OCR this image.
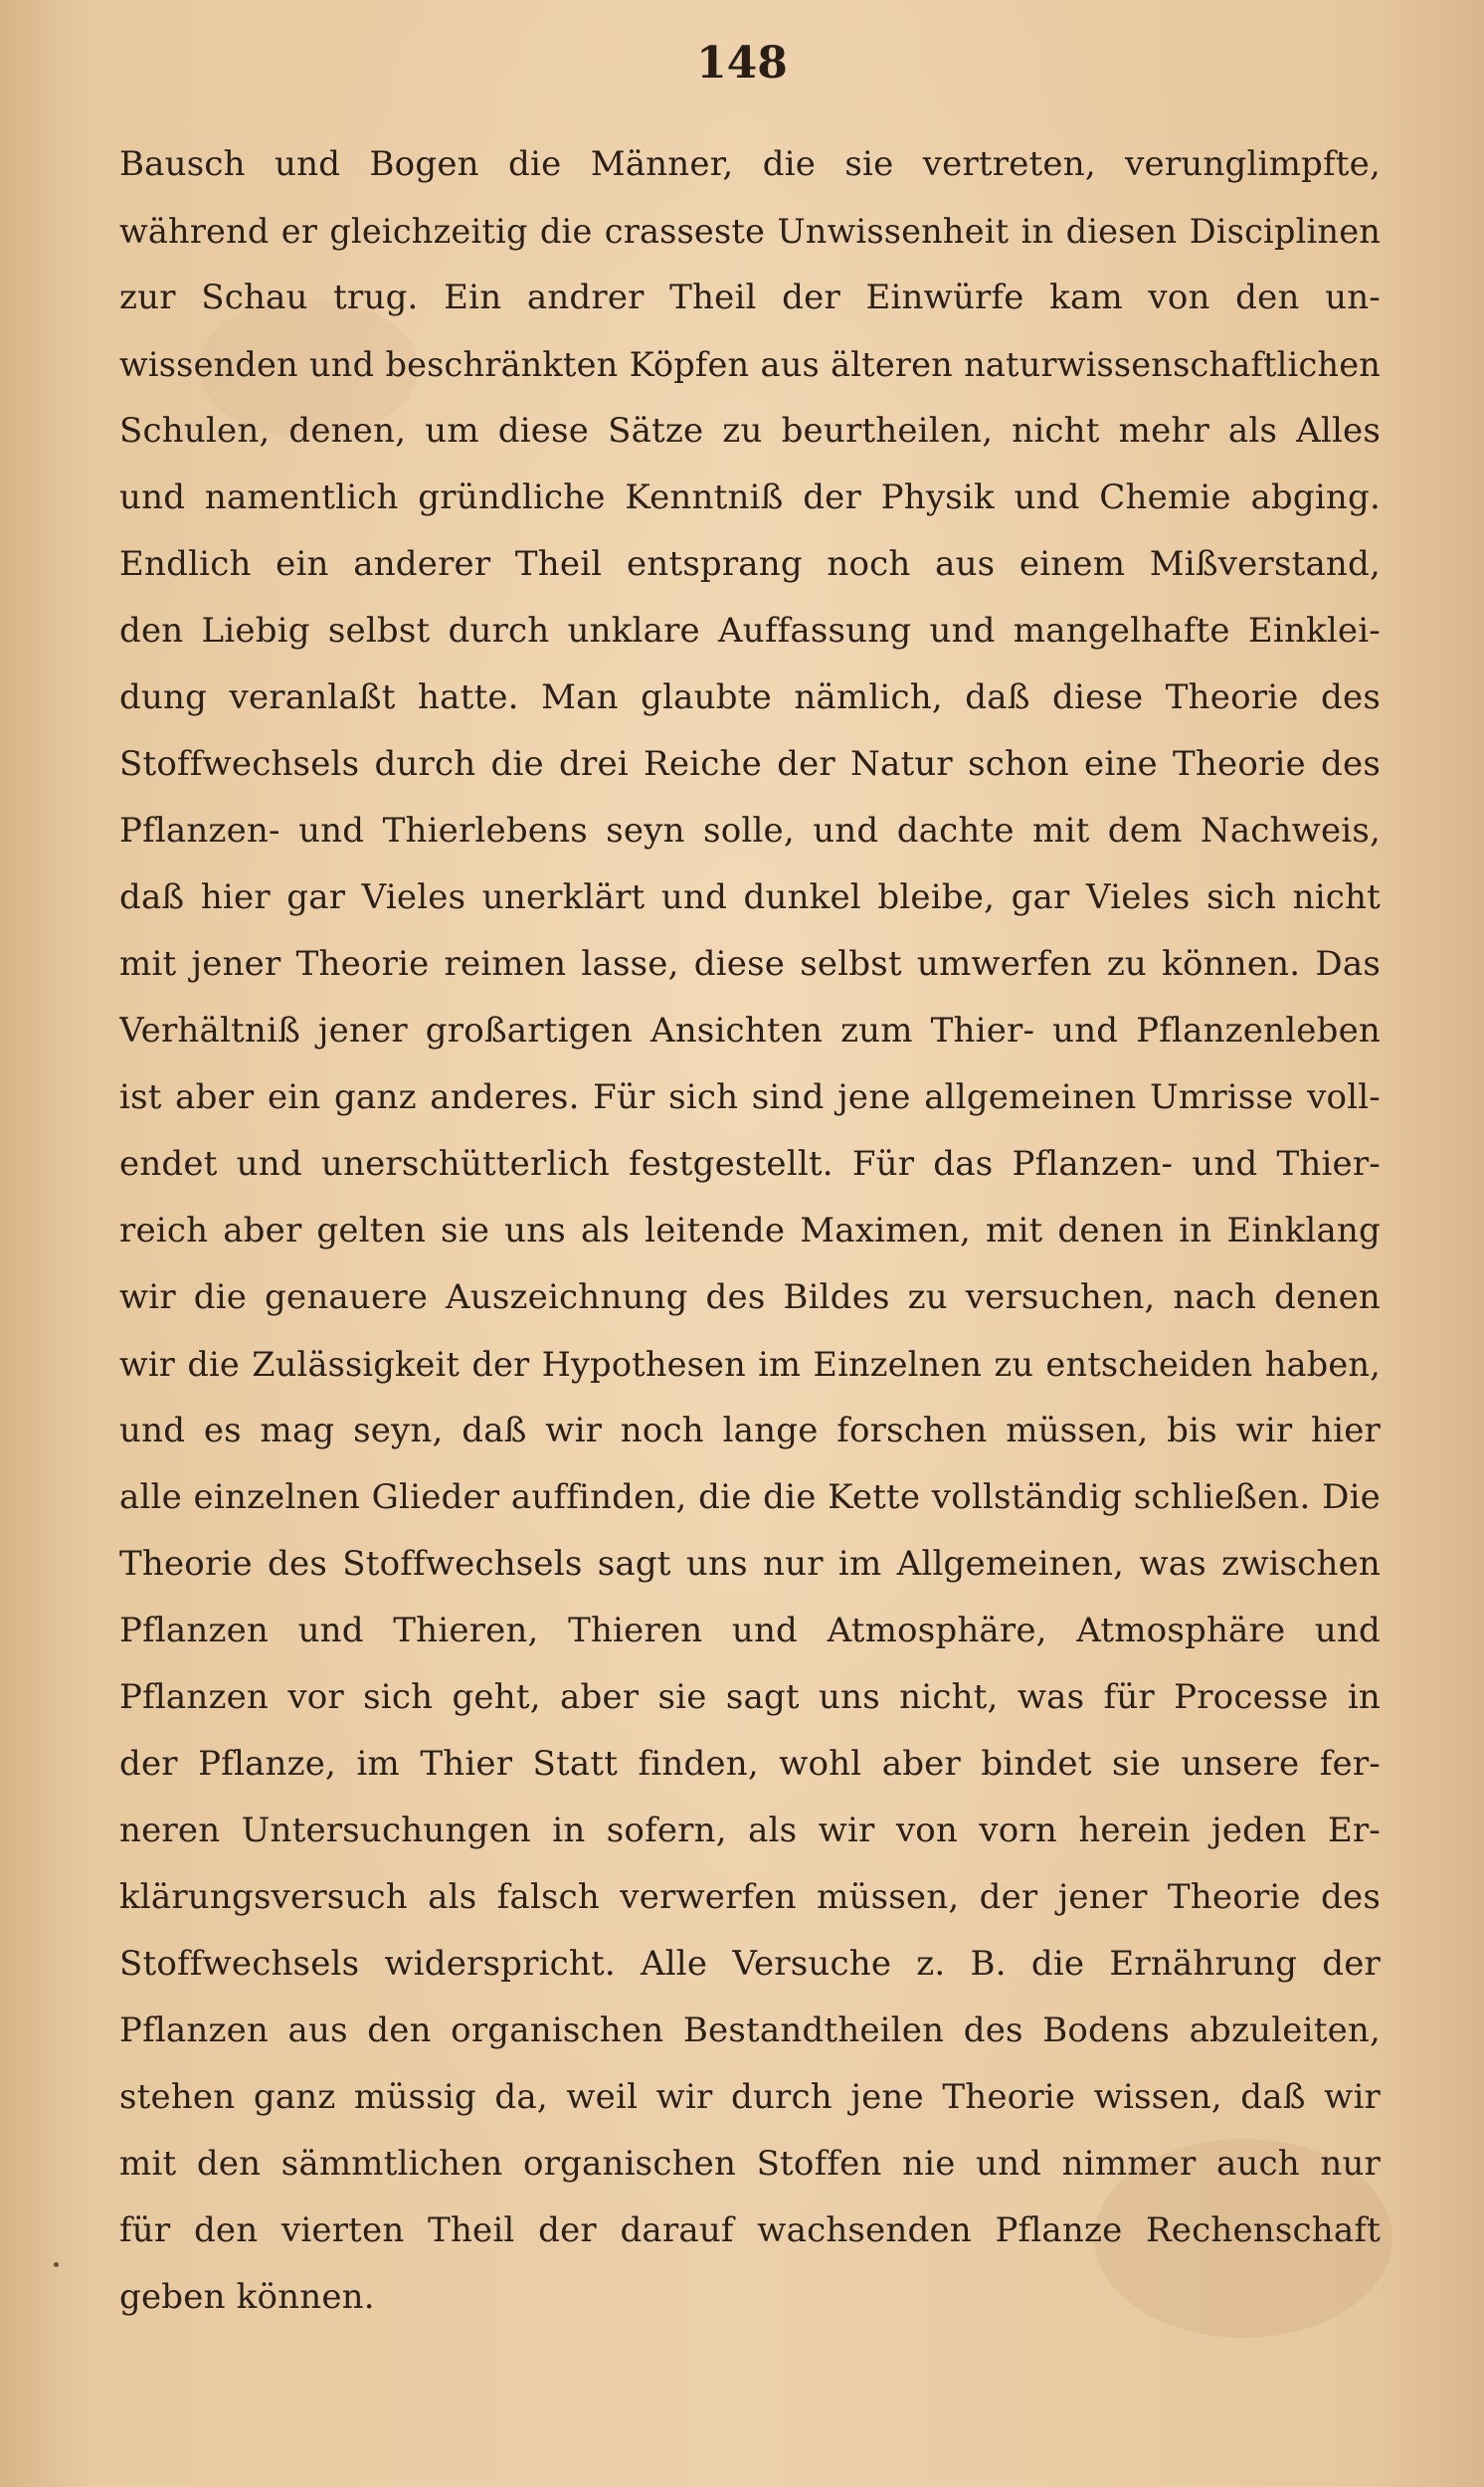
148
Bausch und Bogen die Männer, die sie vertreten, verunglimpfte,
während er gleichzeitig die crasseste Unwissenheit in diesen Disciplinen
zur Schau trug. Ein andrer Theil der Einwürfe kam von den un-
wissenden und beschränkten Köpfen aus älteren naturwissenschaftlichen
Schulen, denen, um diese Sätze zu beurtheilen, nicht mehr als Alles
und namentlich gründliche Kenntniß der Physik und Chemie abging.
Endlich ein anderer Theil entsprang noch aus einem Mißverstand,
den Liebig selbst durch unklare Auffassung und mangelhafte Einklei-
dung veranlaßt hatte. Man glaubte nämlich, daß diese Theorie des
Stoffwechsels durch die drei Reiche der Natur schon eine Theorie des
Pflanzen- und Thierlebens seyn solle, und dachte mit dem Nachweis,
daß hier gar Vieles unerklärt und dunkel bleibe, gar Vieles sich nicht
mit jener Theorie reimen lasse, diese selbst umwerfen zu können. Das
Verhältniß jener großartigen Ansichten zum Thier- und Pflanzenleben
ist aber ein ganz anderes. Für sich sind jene allgemeinen Umrisse voll-
endet und unerschütterlich festgestellt. Für das Pflanzen- und Thier-
reich aber gelten sie uns als leitende Maximen, mit denen in Einklang
wir die genauere Auszeichnung des Bildes zu versuchen, nach denen
wir die Zulässigkeit der Hypothesen im Einzelnen zu entscheiden haben,
und es mag seyn, daß wir noch lange forschen müssen, bis wir hier
alle einzelnen Glieder auffinden, die die Kette vollständig schließen. Die
Theorie des Stoffwechsels sagt uns nur im Allgemeinen, was zwischen
Pflanzen und Thieren, Thieren und Atmosphäre, Atmosphäre und
Pflanzen vor sich geht, aber sie sagt uns nicht, was für Processe in
der Pflanze, im Thier Statt finden, wohl aber bindet sie unsere fer-
neren Untersuchungen in sofern, als wir von vorn herein jeden Er-
klärungsversuch als falsch verwerfen müssen, der jener Theorie des
Stoffwechsels widerspricht. Alle Versuche z. B. die Ernährung der
Pflanzen aus den organischen Bestandtheilen des Bodens abzuleiten,
stehen ganz müssig da, weil wir durch jene Theorie wissen, daß wir
mit den sämmtlichen organischen Stoffen nie und nimmer auch nur
für den vierten Theil der darauf wachsenden Pflanze Rechenschaft
geben können.
